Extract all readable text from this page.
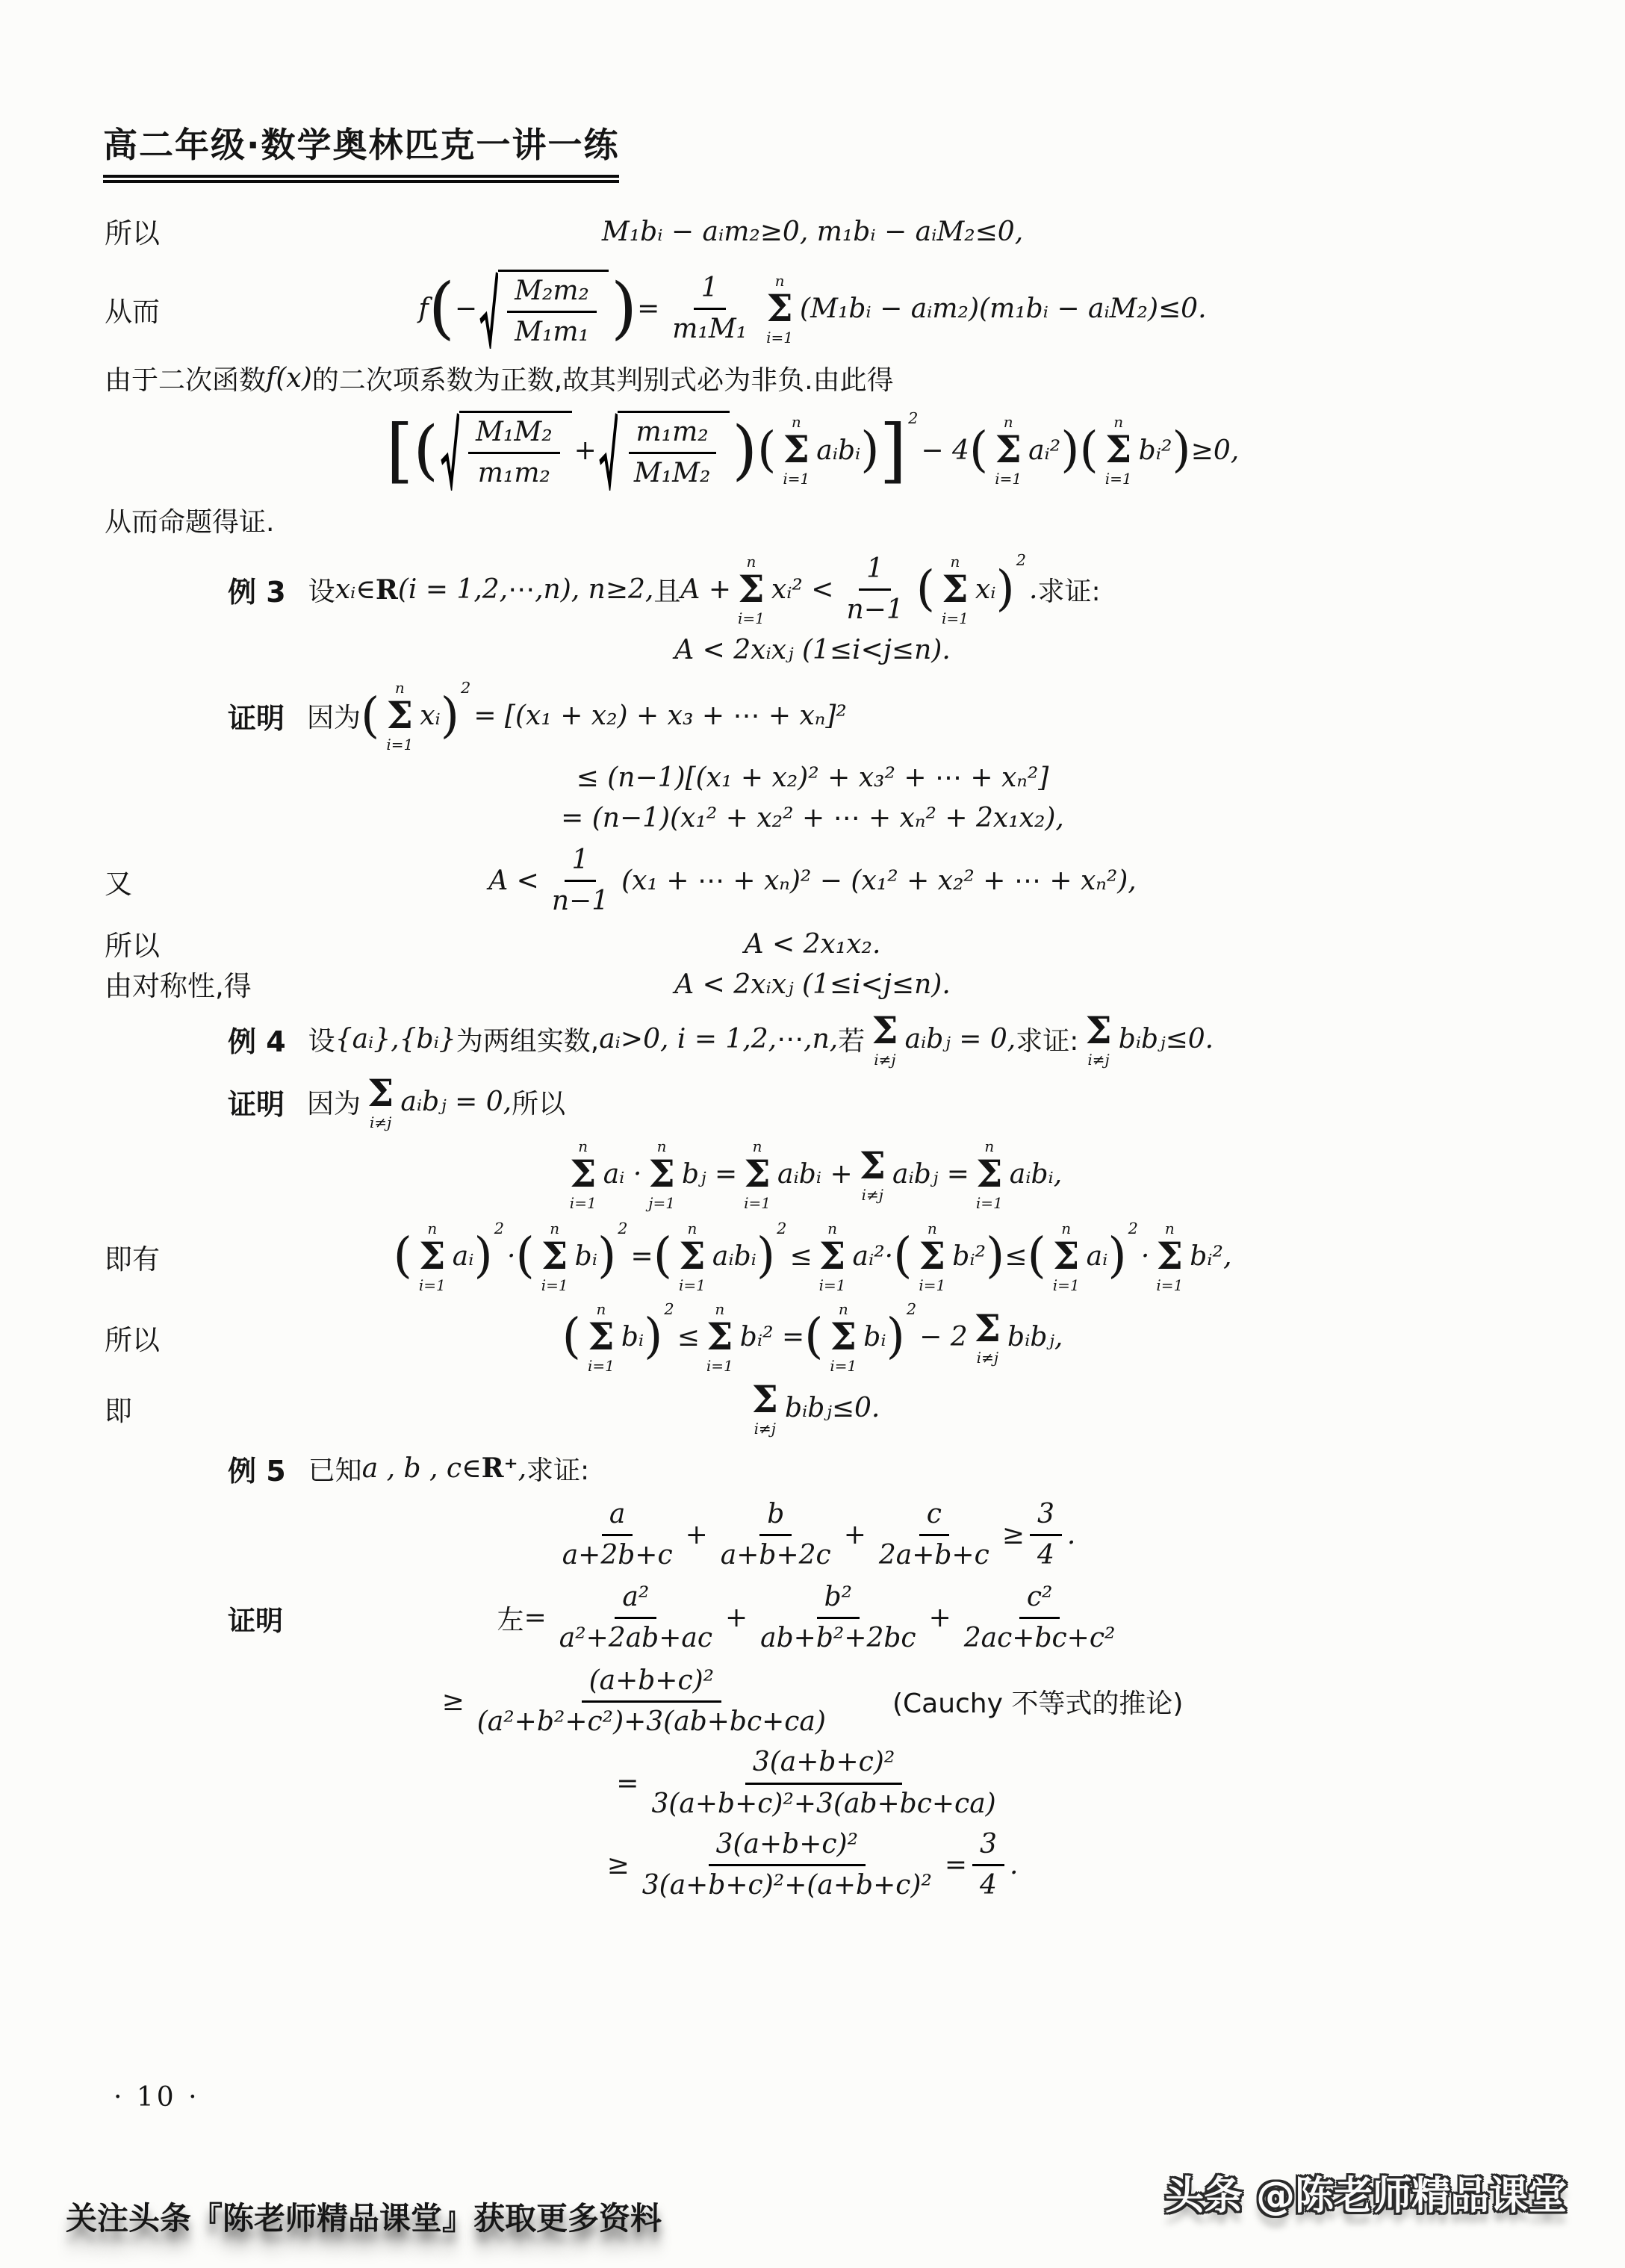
高二年级·数学奥林匹克一讲一练
所以	M₁bᵢ − aᵢm₂≥0, m₁bᵢ − aᵢM₂≤0,
从而	f ( − $\frac{\text{M₂m₂}}{\text{M₁m₁}}$ ) = $\frac{1}{\text{m₁M₁}}$ n
Σ
i=1
(M₁bᵢ − aᵢm₂)(m₁bᵢ − aᵢM₂)≤0.
由于二次函数 f(x) 的二次项系数为正数,故其判别式必为非负.由此得
[ ( $\frac{\text{M₁M₂}}{\text{m₁m₂}} + \frac{\text{m₁m₂}}{\text{M₁M₂}}$ ) ( n
Σ
i=1
aᵢbᵢ ) ] 2
− 4 ( n
Σ
i=1
aᵢ² ) ( n
Σ
i=1
bᵢ² ) ≥0,
从而命题得证.
例 3 设 xᵢ∈ R (i = 1,2,⋯,n), n≥2, 且 A +
n
Σ
i=1
xᵢ² < $\frac{1}{n-1}$ ( n
Σ
i=1
xᵢ )
2
. 求证:
A < 2xᵢxⱼ (1≤i<j≤n).
证明 因为 ( n
Σ
i=1
xᵢ ) 2
= [(x₁ + x₂) + x₃ + ⋯ + xₙ]²
≤ (n−1)[(x₁ + x₂)² + x₃² + ⋯ + xₙ²]
= (n−1)(x₁² + x₂² + ⋯ + xₙ² + 2x₁x₂),
又	$A < \frac{1}{n-1} (x_1$ + ⋯ + xₙ)² − (x₁² + x₂² + ⋯ + xₙ²),
所以	A < 2x₁x₂.
由对称性,得	A < 2xᵢxⱼ (1≤i<j≤n).
例 4 设 {aᵢ},{bᵢ} 为两组实数, aᵢ>0, i = 1,2,⋯,n, 若 Σ
i≠j
aᵢbⱼ = 0, 求证: Σ
i≠j
bᵢbⱼ≤0.
证明 因为 Σ
i≠j
aᵢbⱼ = 0, 所以
n
Σ
i=1
aᵢ ·
n
Σ
j=1
bⱼ =
n
Σ
i=1
aᵢbᵢ + Σ
i≠j
aᵢbⱼ =
n
Σ
i=1
aᵢbᵢ,
即有	( n
Σ
i=1
aᵢ ) 2
· ( n
Σ
i=1
bᵢ ) 2
= ( n
Σ
i=1
aᵢbᵢ ) 2
≤
n
Σ
i=1
aᵢ²· ( n
Σ
i=1
bᵢ² ) ≤ ( n
Σ
i=1
aᵢ ) 2
·
n
Σ
i=1
bᵢ²,
所以	( n
Σ
i=1
bᵢ ) 2
≤
n
Σ
i=1
bᵢ² = ( n
Σ
i=1
bᵢ ) 2
− 2 Σ
i≠j
bᵢbⱼ,
即	Σ
i≠j
bᵢbⱼ≤0.
例 5 已知 a , b , c∈ R⁺ , 求证:
$\frac{a}{a+2b+c} + \frac{b}{a+b+2c} + \frac{c}{2a+b+c} \ge \frac{3}{4}$ .
证明	左 = $\frac{\text{a²}}{\text{a²+2ab+ac}} + \frac{\text{b²}}{\text{ab+b²+2bc}} + \frac{\text{c²}}{\text{2ac+bc+c²}}$
≥ $\frac{\text{(a+b+c)²}}{\text{(a²+b²+c²)+3(ab+bc+ca)}}$ (Cauchy 不等式的推论)
= $\frac{\text{3(a+b+c)²}}{\text{3(a+b+c)²+3(ab+bc+ca)}}$
≥ $\frac{\text{3(a+b+c)²}}{\text{3(a+b+c)²+(a+b+c)²}} = \frac{3}{4}$ .
· 10 ·
关注头条『陈老师精品课堂』获取更多资料	头条 @陈老师精品课堂
